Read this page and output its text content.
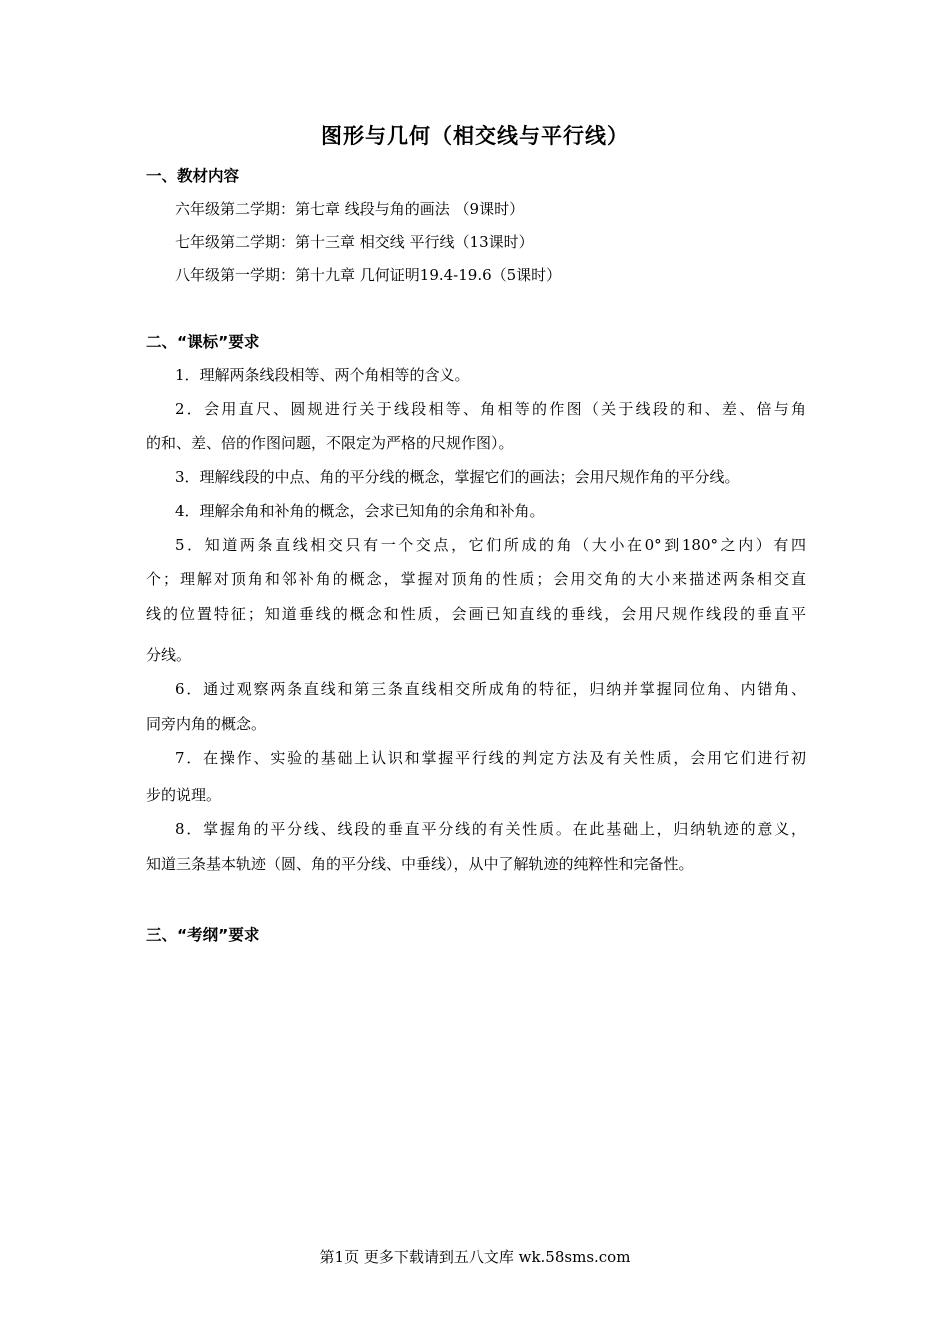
图形与几何（相交线与平行线）
一、教材内容
六年级第二学期：第七章 线段与角的画法 （9课时）
七年级第二学期：第十三章 相交线 平行线（13课时）
八年级第一学期：第十九章 几何证明19.4-19.6（5课时）
二、“课标”要求
1．理解两条线段相等、两个角相等的含义。
2．会用直尺、圆规进行关于线段相等、角相等的作图（关于线段的和、差、倍与角
的和、差、倍的作图问题，不限定为严格的尺规作图）。
3．理解线段的中点、角的平分线的概念，掌握它们的画法；会用尺规作角的平分线。
4．理解余角和补角的概念，会求已知角的余角和补角。
5．知道两条直线相交只有一个交点，它们所成的角（大小在0°到180°之内）有四
个；理解对顶角和邻补角的概念，掌握对顶角的性质；会用交角的大小来描述两条相交直
线的位置特征；知道垂线的概念和性质，会画已知直线的垂线，会用尺规作线段的垂直平
分线。
6．通过观察两条直线和第三条直线相交所成角的特征，归纳并掌握同位角、内错角、
同旁内角的概念。
7．在操作、实验的基础上认识和掌握平行线的判定方法及有关性质，会用它们进行初
步的说理。
8．掌握角的平分线、线段的垂直平分线的有关性质。在此基础上，归纳轨迹的意义，
知道三条基本轨迹（圆、角的平分线、中垂线），从中了解轨迹的纯粹性和完备性。
三、“考纲”要求
第1页 更多下载请到五八文库 wk.58sms.com
